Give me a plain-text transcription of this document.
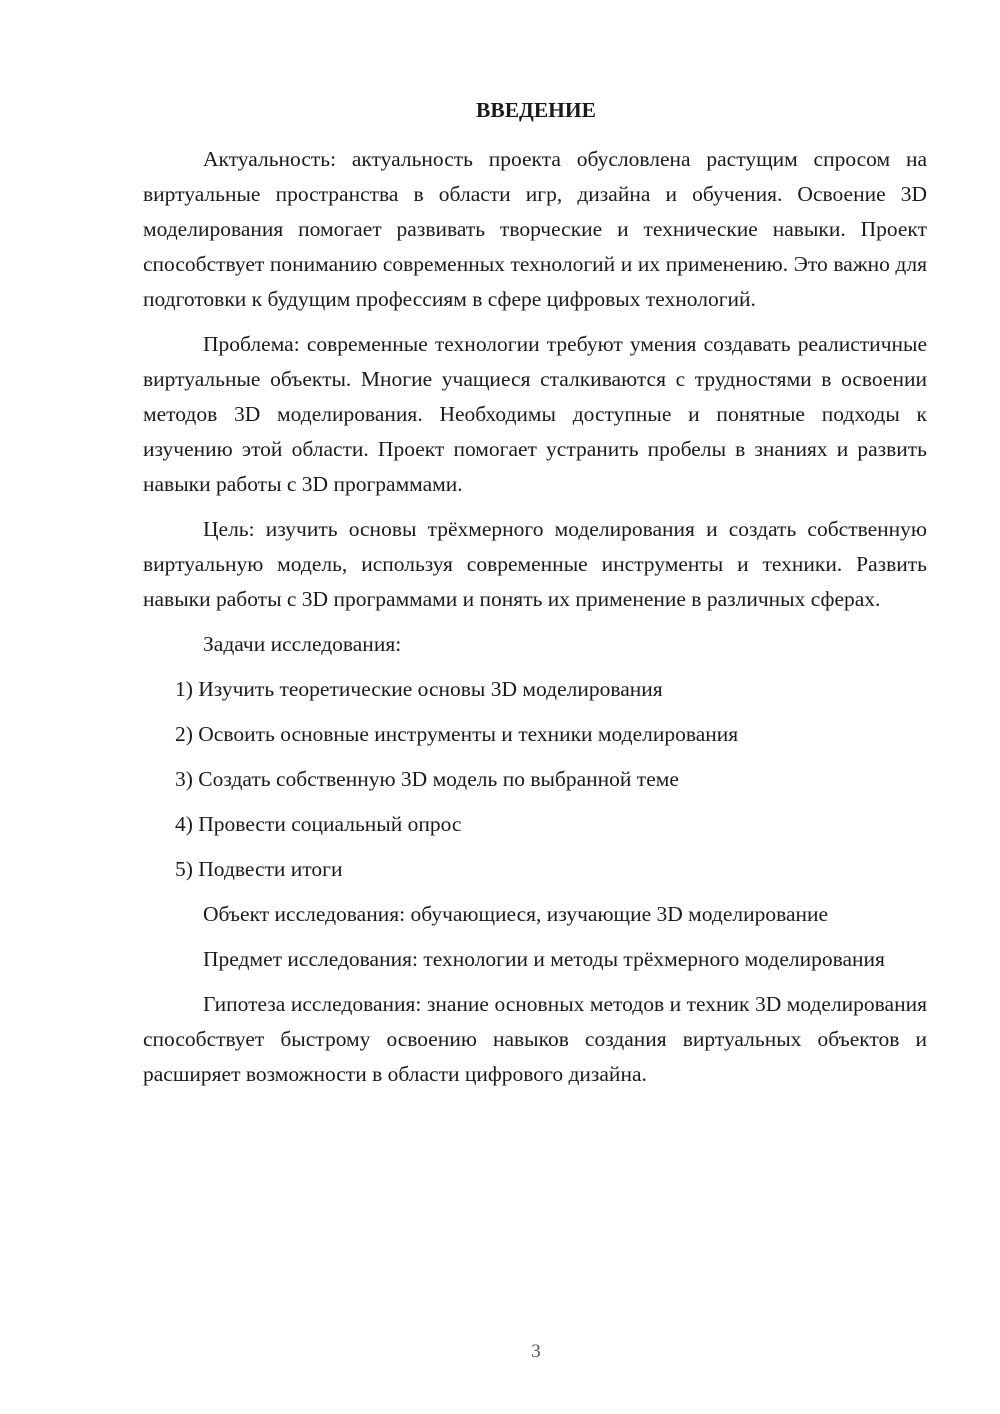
ВВЕДЕНИЕ

Актуальность: актуальность проекта обусловлена растущим спросом на виртуальные пространства в области игр, дизайна и обучения. Освоение 3D моделирования помогает развивать творческие и технические навыки. Проект способствует пониманию современных технологий и их применению. Это важно для подготовки к будущим профессиям в сфере цифровых технологий.

Проблема: современные технологии требуют умения создавать реалистичные виртуальные объекты. Многие учащиеся сталкиваются с трудностями в освоении методов 3D моделирования. Необходимы доступные и понятные подходы к изучению этой области. Проект помогает устранить пробелы в знаниях и развить навыки работы с 3D программами.

Цель: изучить основы трёхмерного моделирования и создать собственную виртуальную модель, используя современные инструменты и техники. Развить навыки работы с 3D программами и понять их применение в различных сферах.

Задачи исследования:

1) Изучить теоретические основы 3D моделирования
2) Освоить основные инструменты и техники моделирования
3) Создать собственную 3D модель по выбранной теме
4) Провести социальный опрос
5) Подвести итоги

Объект исследования: обучающиеся, изучающие 3D моделирование

Предмет исследования: технологии и методы трёхмерного моделирования

Гипотеза исследования: знание основных методов и техник 3D моделирования способствует быстрому освоению навыков создания виртуальных объектов и расширяет возможности в области цифрового дизайна.

3
